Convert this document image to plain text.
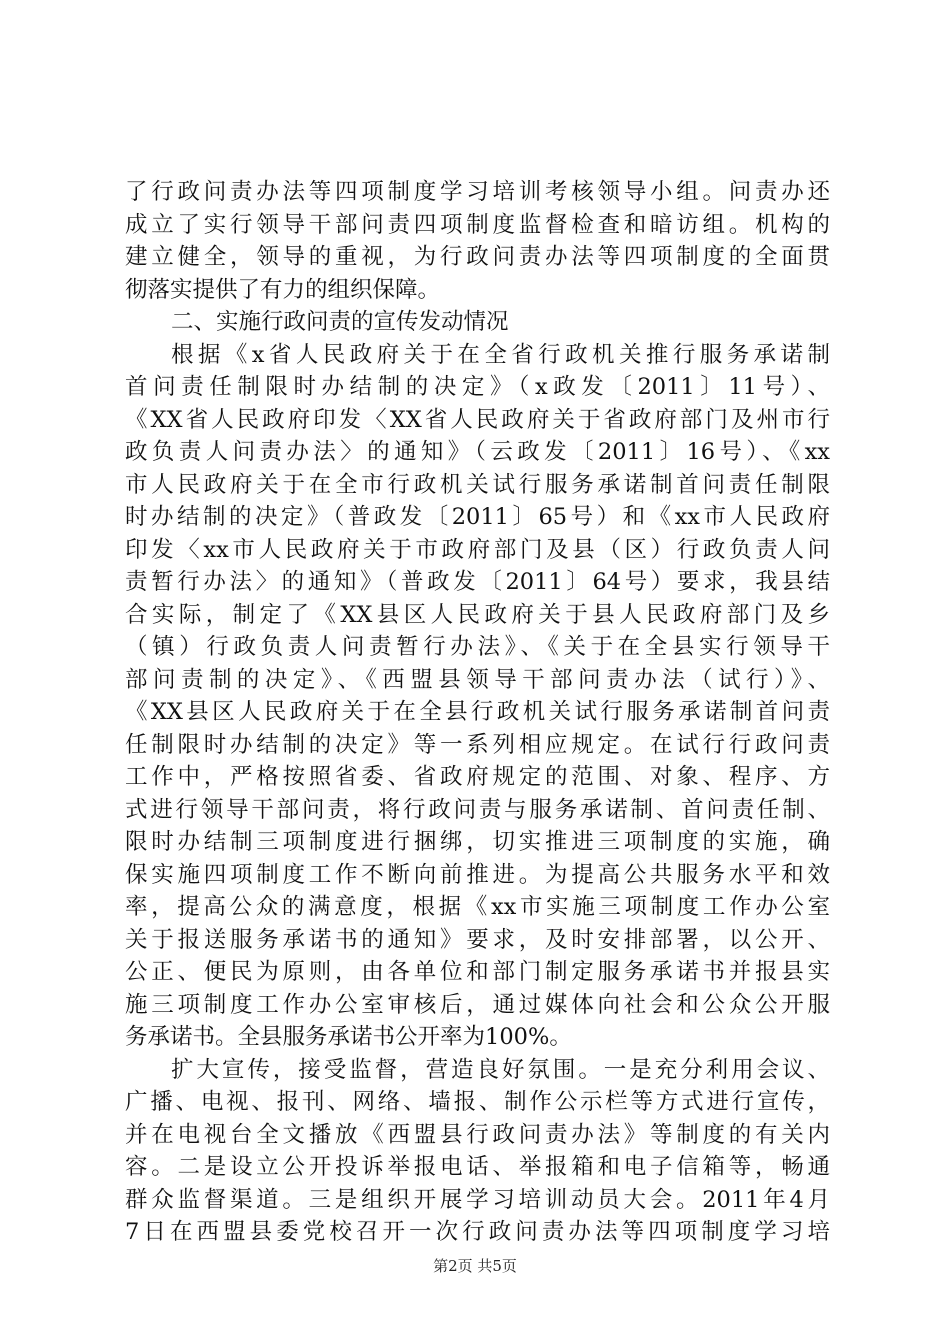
了行政问责办法等四项制度学习培训考核领导小组。问责办还
成立了实行领导干部问责四项制度监督检查和暗访组。机构的
建立健全，领导的重视，为行政问责办法等四项制度的全面贯
彻落实提供了有力的组织保障。
二、实施行政问责的宣传发动情况
根据《x省人民政府关于在全省行政机关推行服务承诺制
首问责任制限时办结制的决定》（x政发〔2011〕11号）、
《XX省人民政府印发〈XX省人民政府关于省政府部门及州市行
政负责人问责办法〉的通知》（云政发〔2011〕16号）、《xx
市人民政府关于在全市行政机关试行服务承诺制首问责任制限
时办结制的决定》（普政发〔2011〕65号）和《xx市人民政府
印发〈xx市人民政府关于市政府部门及县（区）行政负责人问
责暂行办法〉的通知》（普政发〔2011〕64号）要求，我县结
合实际，制定了《XX县区人民政府关于县人民政府部门及乡
（镇）行政负责人问责暂行办法》、《关于在全县实行领导干
部问责制的决定》、《西盟县领导干部问责办法（试行）》、
《XX县区人民政府关于在全县行政机关试行服务承诺制首问责
任制限时办结制的决定》等一系列相应规定。在试行行政问责
工作中，严格按照省委、省政府规定的范围、对象、程序、方
式进行领导干部问责，将行政问责与服务承诺制、首问责任制、
限时办结制三项制度进行捆绑，切实推进三项制度的实施，确
保实施四项制度工作不断向前推进。为提高公共服务水平和效
率，提高公众的满意度，根据《xx市实施三项制度工作办公室
关于报送服务承诺书的通知》要求，及时安排部署，以公开、
公正、便民为原则，由各单位和部门制定服务承诺书并报县实
施三项制度工作办公室审核后，通过媒体向社会和公众公开服
务承诺书。全县服务承诺书公开率为100%。
扩大宣传，接受监督，营造良好氛围。一是充分利用会议、
广播、电视、报刊、网络、墙报、制作公示栏等方式进行宣传，
并在电视台全文播放《西盟县行政问责办法》等制度的有关内
容。二是设立公开投诉举报电话、举报箱和电子信箱等，畅通
群众监督渠道。三是组织开展学习培训动员大会。2011年4月
7日在西盟县委党校召开一次行政问责办法等四项制度学习培
第2页 共5页
